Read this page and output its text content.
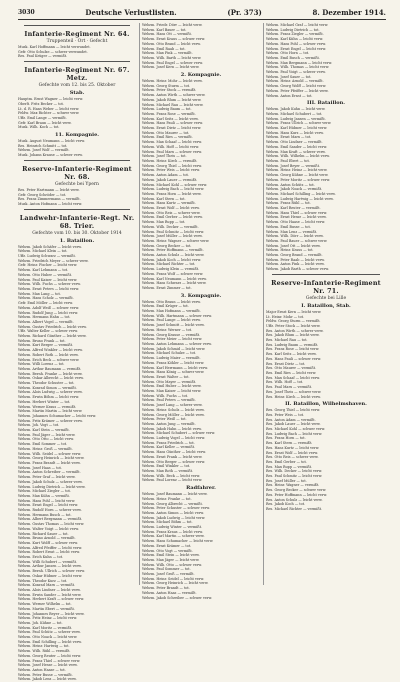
3030	Deutsche Verlustlisten.	(Pr. 373)	8. Dezember 1914.
Infanterie-Regiment Nr. 64.
Truppenteil · Ort · Gefecht
Musk. Karl Hoffmann — leicht verwundet.
Gefr. Otto Schulze — schwer verwundet.
Res. Paul Krüger — vermißt.
Infanterie-Regiment Nr. 67. Metz.
Gefechte vom 12. bis 25. Oktober
Stab.
Hauptm. Ernst Wagner — leicht verw.
Oberlt. Fritz Becker — tot.
Lt. d. R. Hans Weber — leicht verw.
Feldw. Max Richter — schwer verw.
Uffz. Emil Lange — vermißt.
Gefr. Karl Braun — leicht verw.
Musk. Wilh. Koch — tot.
11. Kompagnie.
Musk. August Neumann — leicht verw.
Res. Heinrich Schmitt — tot.
Wehrm. Josef Wolf — vermißt.
Musk. Johann Krause — schwer verw.
Reserve-Infanterie-Regiment Nr. 68.
Gefechte bei Ypern
Res. Peter Hartmann — leicht verw.
Gefr. Georg Schröder — tot.
Res. Franz Zimmermann — vermißt.
Musk. Anton Hofmann — leicht verw.
Landwehr-Infanterie-Regt. Nr. 68. Trier.
Gefechte vom 10. bis 30. Oktober 1914
1. Bataillon.
Wehrm. Jakob Schäfer — leicht verw.
Wehrm. Michael Klein — tot.
Uffz. Ludwig Schwarz — vermißt.
Wehrm. Friedrich Meyer — schwer verw.
Gefr. Heinr. Fischer — leicht verw.
Wehrm. Karl Lehmann — tot.
Wehrm. Otto Huber — vermißt.
Wehrm. Paul Kaiser — leicht verw.
Wehrm. Wilh. Fuchs — schwer verw.
Wehrm. Ernst Peters — leicht verw.
Wehrm. Max Lang — tot.
Wehrm. Hans Scholz — vermißt.
Gefr. Emil Möller — leicht verw.
Wehrm. Adolf Weiß — schwer verw.
Wehrm. Rudolf Jung — leicht verw.
Wehrm. Hermann Hahn — tot.
Wehrm. Albert Vogel — vermißt.
Wehrm. Gustav Friedrich — leicht verw.
Uffz. Walter Keller — schwer verw.
Wehrm. Richard Günther — leicht verw.
Wehrm. Bruno Frank — tot.
Wehrm. Kurt Berger — vermißt.
Wehrm. Alfred Winkler — leicht verw.
Wehrm. Robert Roth — leicht verw.
Wehrm. Erich Beck — schwer verw.
Wehrm. Willi Lorenz — tot.
Wehrm. Arthur Baumann — vermißt.
Wehrm. Bernh. Franke — leicht verw.
Wehrm. Oskar Albrecht — leicht verw.
Wehrm. Theodor Schuster — tot.
Wehrm. Konrad Simon — vermißt.
Wehrm. Alois Ludwig — schwer verw.
Wehrm. Erwin Böhm — leicht verw.
Wehrm. Herbert Winter — tot.
Wehrm. Werner Kraus — vermißt.
Wehrm. Martin Martin — leicht verw.
Wehrm. Johannes Schumacher — leicht verw.
Wehrm. Fritz Krämer — schwer verw.
Wehrm. Joh. Vogt — tot.
Wehrm. Karl Stein — vermißt.
Wehrm. Paul Jäger — leicht verw.
Wehrm. Otto Otto — leicht verw.
Wehrm. Emil Sommer — tot.
Wehrm. Heinr. Groß — vermißt.
Wehrm. Wilh. Seidel — schwer verw.
Wehrm. Georg Heinrich — leicht verw.
Wehrm. Franz Brandt — leicht verw.
Wehrm. Josef Haas — tot.
Wehrm. Anton Schreiber — vermißt.
Wehrm. Peter Graf — leicht verw.
Wehrm. Jakob Schulz — schwer verw.
Wehrm. Ludwig Dietrich — leicht verw.
Wehrm. Michael Ziegler — tot.
Wehrm. Max Kühn — vermißt.
Wehrm. Hans Pohl — leicht verw.
Wehrm. Ernst Engel — leicht verw.
Wehrm. Rudolf Horn — schwer verw.
Wehrm. Hermann Busch — tot.
Wehrm. Albert Bergmann — vermißt.
Wehrm. Gustav Thomas — leicht verw.
Wehrm. Walter Voigt — leicht verw.
Wehrm. Richard Sauer — tot.
Wehrm. Bruno Arnold — vermißt.
Wehrm. Kurt Wolff — schwer verw.
Wehrm. Alfred Pfeiffer — leicht verw.
Wehrm. Robert Ernst — leicht verw.
Wehrm. Erich Kuhn — tot.
Wehrm. Willi Schubert — vermißt.
Wehrm. Arthur Jansen — leicht verw.
Wehrm. Bernh. Ullrich — schwer verw.
Wehrm. Oskar Hübner — leicht verw.
Wehrm. Theodor Kurz — tot.
Wehrm. Konrad Marx — vermißt.
Wehrm. Alois Lindner — leicht verw.
Wehrm. Erwin Sander — leicht verw.
Wehrm. Herbert Kraft — schwer verw.
Wehrm. Werner Wilhelm — tot.
Wehrm. Martin Ebert — vermißt.
Wehrm. Johannes Beyer — leicht verw.
Wehrm. Fritz Heinz — leicht verw.
Wehrm. Joh. Kühne — tot.
Wehrm. Karl Moritz — vermißt.
Wehrm. Paul Schütz — schwer verw.
Wehrm. Otto Noack — leicht verw.
Wehrm. Emil Schilling — leicht verw.
Wehrm. Heinr. Hartwig — tot.
Wehrm. Wilh. Rühl — vermißt.
Wehrm. Georg Reuter — leicht verw.
Wehrm. Franz Thiel — schwer verw.
Wehrm. Josef Hesse — leicht verw.
Wehrm. Anton Haase — tot.
Wehrm. Peter Busse — vermißt.
Wehrm. Jakob Lenz — leicht verw.
Wehrm. Friedr. Dörr — leicht verw.
Wehrm. Karl Bauer — tot.
Wehrm. Hans Ott — vermißt.
Wehrm. Ernst Kraus — schwer verw.
Wehrm. Otto Brand — leicht verw.
Wehrm. Emil Raab — tot.
Wehrm. Max Fink — vermißt.
Wehrm. Wilh. Barth — leicht verw.
Wehrm. Paul Engel — schwer verw.
Wehrm. Josef Kern — leicht verw.
2. Kompagnie.
Wehrm. Heinr. Mohr — leicht verw.
Wehrm. Georg Sturm — tot.
Wehrm. Peter Stock — vermißt.
Wehrm. Anton Wirth — schwer verw.
Wehrm. Jakob Blum — leicht verw.
Wehrm. Michael Rau — leicht verw.
Wehrm. Ludwig Baum — tot.
Wehrm. Franz Rose — vermißt.
Wehrm. Karl Seitz — leicht verw.
Wehrm. Hans Pauli — schwer verw.
Wehrm. Ernst Dietz — leicht verw.
Wehrm. Otto Maurer — tot.
Wehrm. Emil Ries — vermißt.
Wehrm. Max Schaaf — leicht verw.
Wehrm. Wilh. Hoff — leicht verw.
Wehrm. Paul Marx — schwer verw.
Wehrm. Josef Theis — tot.
Wehrm. Heinr. Kirch — vermißt.
Wehrm. Georg Thiel — leicht verw.
Wehrm. Peter Weis — leicht verw.
Wehrm. Anton Adam — tot.
Wehrm. Jakob Lauer — vermißt.
Wehrm. Michael Kohl — schwer verw.
Wehrm. Ludwig Bach — leicht verw.
Wehrm. Franz Horn — leicht verw.
Wehrm. Karl Stern — tot.
Wehrm. Hans Kurtz — vermißt.
Wehrm. Ernst Wolf — leicht verw.
Wehrm. Otto Reis — schwer verw.
Wehrm. Emil Gerber — leicht verw.
Wehrm. Max Rupp — tot.
Wehrm. Wilh. Decker — vermißt.
Wehrm. Paul Schmitz — leicht verw.
Wehrm. Josef Müller — leicht verw.
Wehrm. Heinr. Wagner — schwer verw.
Wehrm. Georg Becker — tot.
Wehrm. Peter Hoffmann — vermißt.
Wehrm. Anton Schulz — leicht verw.
Wehrm. Jakob Koch — leicht verw.
Wehrm. Michael Richter — tot.
Wehrm. Ludwig Klein — vermißt.
Wehrm. Franz Wolf — schwer verw.
Wehrm. Karl Neumann — leicht verw.
Wehrm. Hans Schwarz — leicht verw.
Wehrm. Ernst Zimmer — tot.
3. Kompagnie.
Wehrm. Otto Braun — leicht verw.
Wehrm. Emil Krüger — tot.
Wehrm. Max Hofmann — vermißt.
Wehrm. Wilh. Hartmann — schwer verw.
Wehrm. Paul Lange — leicht verw.
Wehrm. Josef Schmitt — leicht verw.
Wehrm. Heinr. Werner — tot.
Wehrm. Georg Krause — vermißt.
Wehrm. Peter Meier — leicht verw.
Wehrm. Anton Lehmann — schwer verw.
Wehrm. Jakob Schmid — leicht verw.
Wehrm. Michael Schulze — tot.
Wehrm. Ludwig Maier — vermißt.
Wehrm. Franz Köhler — leicht verw.
Wehrm. Karl Herrmann — leicht verw.
Wehrm. Hans König — schwer verw.
Wehrm. Ernst Walter — tot.
Wehrm. Otto Mayer — vermißt.
Wehrm. Emil Huber — leicht verw.
Wehrm. Max Kaiser — leicht verw.
Wehrm. Wilh. Fuchs — tot.
Wehrm. Paul Peters — vermißt.
Wehrm. Josef Lang — schwer verw.
Wehrm. Heinr. Scholz — leicht verw.
Wehrm. Georg Möller — leicht verw.
Wehrm. Peter Weiß — tot.
Wehrm. Anton Jung — vermißt.
Wehrm. Jakob Hahn — leicht verw.
Wehrm. Michael Schubert — schwer verw.
Wehrm. Ludwig Vogel — leicht verw.
Wehrm. Franz Friedrich — tot.
Wehrm. Karl Keller — vermißt.
Wehrm. Hans Günther — leicht verw.
Wehrm. Ernst Frank — leicht verw.
Wehrm. Otto Berger — schwer verw.
Wehrm. Emil Winkler — tot.
Wehrm. Max Roth — vermißt.
Wehrm. Wilh. Beck — leicht verw.
Wehrm. Paul Lorenz — leicht verw.
Radfahrer.
Wehrm. Josef Baumann — leicht verw.
Wehrm. Heinr. Franke — tot.
Wehrm. Georg Albrecht — vermißt.
Wehrm. Peter Schuster — schwer verw.
Wehrm. Anton Simon — leicht verw.
Wehrm. Jakob Ludwig — leicht verw.
Wehrm. Michael Böhm — tot.
Wehrm. Ludwig Winter — vermißt.
Wehrm. Franz Kraus — leicht verw.
Wehrm. Karl Martin — schwer verw.
Wehrm. Hans Schumacher — leicht verw.
Wehrm. Ernst Krämer — tot.
Wehrm. Otto Vogt — vermißt.
Wehrm. Emil Stein — leicht verw.
Wehrm. Max Jäger — leicht verw.
Wehrm. Wilh. Otto — schwer verw.
Wehrm. Paul Sommer — tot.
Wehrm. Josef Groß — vermißt.
Wehrm. Heinr. Seidel — leicht verw.
Wehrm. Georg Heinrich — leicht verw.
Wehrm. Peter Brandt — tot.
Wehrm. Anton Haas — vermißt.
Wehrm. Jakob Schreiber — schwer verw.
Wehrm. Michael Graf — leicht verw.
Wehrm. Ludwig Dietrich — tot.
Wehrm. Franz Ziegler — vermißt.
Wehrm. Karl Kühn — leicht verw.
Wehrm. Hans Pohl — schwer verw.
Wehrm. Ernst Engel — leicht verw.
Wehrm. Otto Horn — tot.
Wehrm. Emil Busch — vermißt.
Wehrm. Max Bergmann — leicht verw.
Wehrm. Wilh. Thomas — leicht verw.
Wehrm. Paul Voigt — schwer verw.
Wehrm. Josef Sauer — tot.
Wehrm. Heinr. Arnold — vermißt.
Wehrm. Georg Wolff — leicht verw.
Wehrm. Peter Pfeiffer — leicht verw.
Wehrm. Anton Ernst — tot.
III. Bataillon.
Wehrm. Jakob Kuhn — leicht verw.
Wehrm. Michael Schubert — tot.
Wehrm. Ludwig Jansen — vermißt.
Wehrm. Franz Ullrich — schwer verw.
Wehrm. Karl Hübner — leicht verw.
Wehrm. Hans Kurz — leicht verw.
Wehrm. Ernst Marx — tot.
Wehrm. Otto Lindner — vermißt.
Wehrm. Emil Sander — leicht verw.
Wehrm. Max Kraft — schwer verw.
Wehrm. Wilh. Wilhelm — leicht verw.
Wehrm. Paul Ebert — tot.
Wehrm. Josef Beyer — vermißt.
Wehrm. Heinr. Heinz — leicht verw.
Wehrm. Georg Kühne — leicht verw.
Wehrm. Peter Moritz — schwer verw.
Wehrm. Anton Schütz — tot.
Wehrm. Jakob Noack — vermißt.
Wehrm. Michael Schilling — leicht verw.
Wehrm. Ludwig Hartwig — leicht verw.
Wehrm. Franz Rühl — tot.
Wehrm. Karl Reuter — vermißt.
Wehrm. Hans Thiel — schwer verw.
Wehrm. Ernst Hesse — leicht verw.
Wehrm. Otto Haase — leicht verw.
Wehrm. Emil Busse — tot.
Wehrm. Max Lenz — vermißt.
Wehrm. Wilh. Dörr — leicht verw.
Wehrm. Paul Bauer — schwer verw.
Wehrm. Josef Ott — leicht verw.
Wehrm. Heinr. Kraus — tot.
Wehrm. Georg Brand — vermißt.
Wehrm. Peter Raab — leicht verw.
Wehrm. Anton Fink — leicht verw.
Wehrm. Jakob Barth — schwer verw.
Reserve-Infanterie-Regiment Nr. 71.
Gefechte bei Lille
I. Bataillon, Stab.
Major Ernst Kern — leicht verw.
Lt. Heinr. Mohr — tot.
Feldw. Georg Sturm — vermißt.
Uffz. Peter Stock — leicht verw.
Res. Anton Wirth — schwer verw.
Res. Jakob Blum — leicht verw.
Res. Michael Rau — tot.
Res. Ludwig Baum — vermißt.
Res. Franz Rose — leicht verw.
Res. Karl Seitz — leicht verw.
Res. Hans Pauli — schwer verw.
Res. Ernst Dietz — tot.
Res. Otto Maurer — vermißt.
Res. Emil Ries — leicht verw.
Res. Max Schaaf — leicht verw.
Res. Wilh. Hoff — tot.
Res. Paul Marx — vermißt.
Res. Josef Theis — schwer verw.
Res. Heinr. Kirch — leicht verw.
II. Bataillon, Wilhelmshaven.
Res. Georg Thiel — leicht verw.
Res. Peter Weis — tot.
Res. Anton Adam — vermißt.
Res. Jakob Lauer — leicht verw.
Res. Michael Kohl — schwer verw.
Res. Ludwig Bach — leicht verw.
Res. Franz Horn — tot.
Res. Karl Stern — vermißt.
Res. Hans Kurtz — leicht verw.
Res. Ernst Wolf — leicht verw.
Res. Otto Reis — schwer verw.
Res. Emil Gerber — tot.
Res. Max Rupp — vermißt.
Res. Wilh. Decker — leicht verw.
Res. Paul Schmitz — leicht verw.
Res. Josef Müller — tot.
Res. Heinr. Wagner — vermißt.
Res. Georg Becker — schwer verw.
Res. Peter Hoffmann — leicht verw.
Res. Anton Schulz — leicht verw.
Res. Jakob Koch — tot.
Res. Michael Richter — vermißt.
